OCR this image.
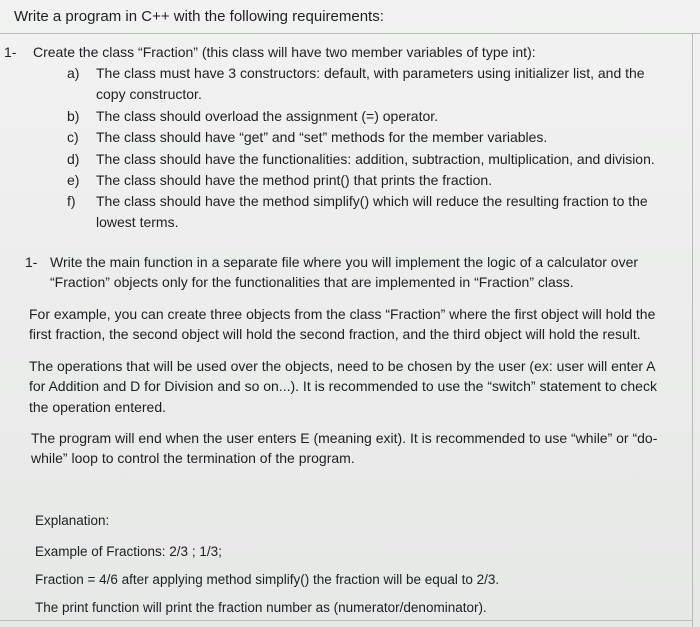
Write a program in C++ with the following requirements:
1- Create the class “Fraction” (this class will have two member variables of type int):
a) The class must have 3 constructors: default, with parameters using initializer list, and the
copy constructor.
b) The class should overload the assignment (=) operator.
c) The class should have “get” and “set” methods for the member variables.
d) The class should have the functionalities: addition, subtraction, multiplication, and division.
e) The class should have the method print() that prints the fraction.
f) The class should have the method simplify() which will reduce the resulting fraction to the
lowest terms.
1- Write the main function in a separate file where you will implement the logic of a calculator over
“Fraction” objects only for the functionalities that are implemented in “Fraction” class.
For example, you can create three objects from the class “Fraction” where the first object will hold the
first fraction, the second object will hold the second fraction, and the third object will hold the result.
The operations that will be used over the objects, need to be chosen by the user (ex: user will enter A
for Addition and D for Division and so on...). It is recommended to use the “switch” statement to check
the operation entered.
The program will end when the user enters E (meaning exit). It is recommended to use “while” or “do-
while” loop to control the termination of the program.
Explanation:
Example of Fractions: 2/3 ; 1/3;
Fraction = 4/6 after applying method simplify() the fraction will be equal to 2/3.
The print function will print the fraction number as (numerator/denominator).
